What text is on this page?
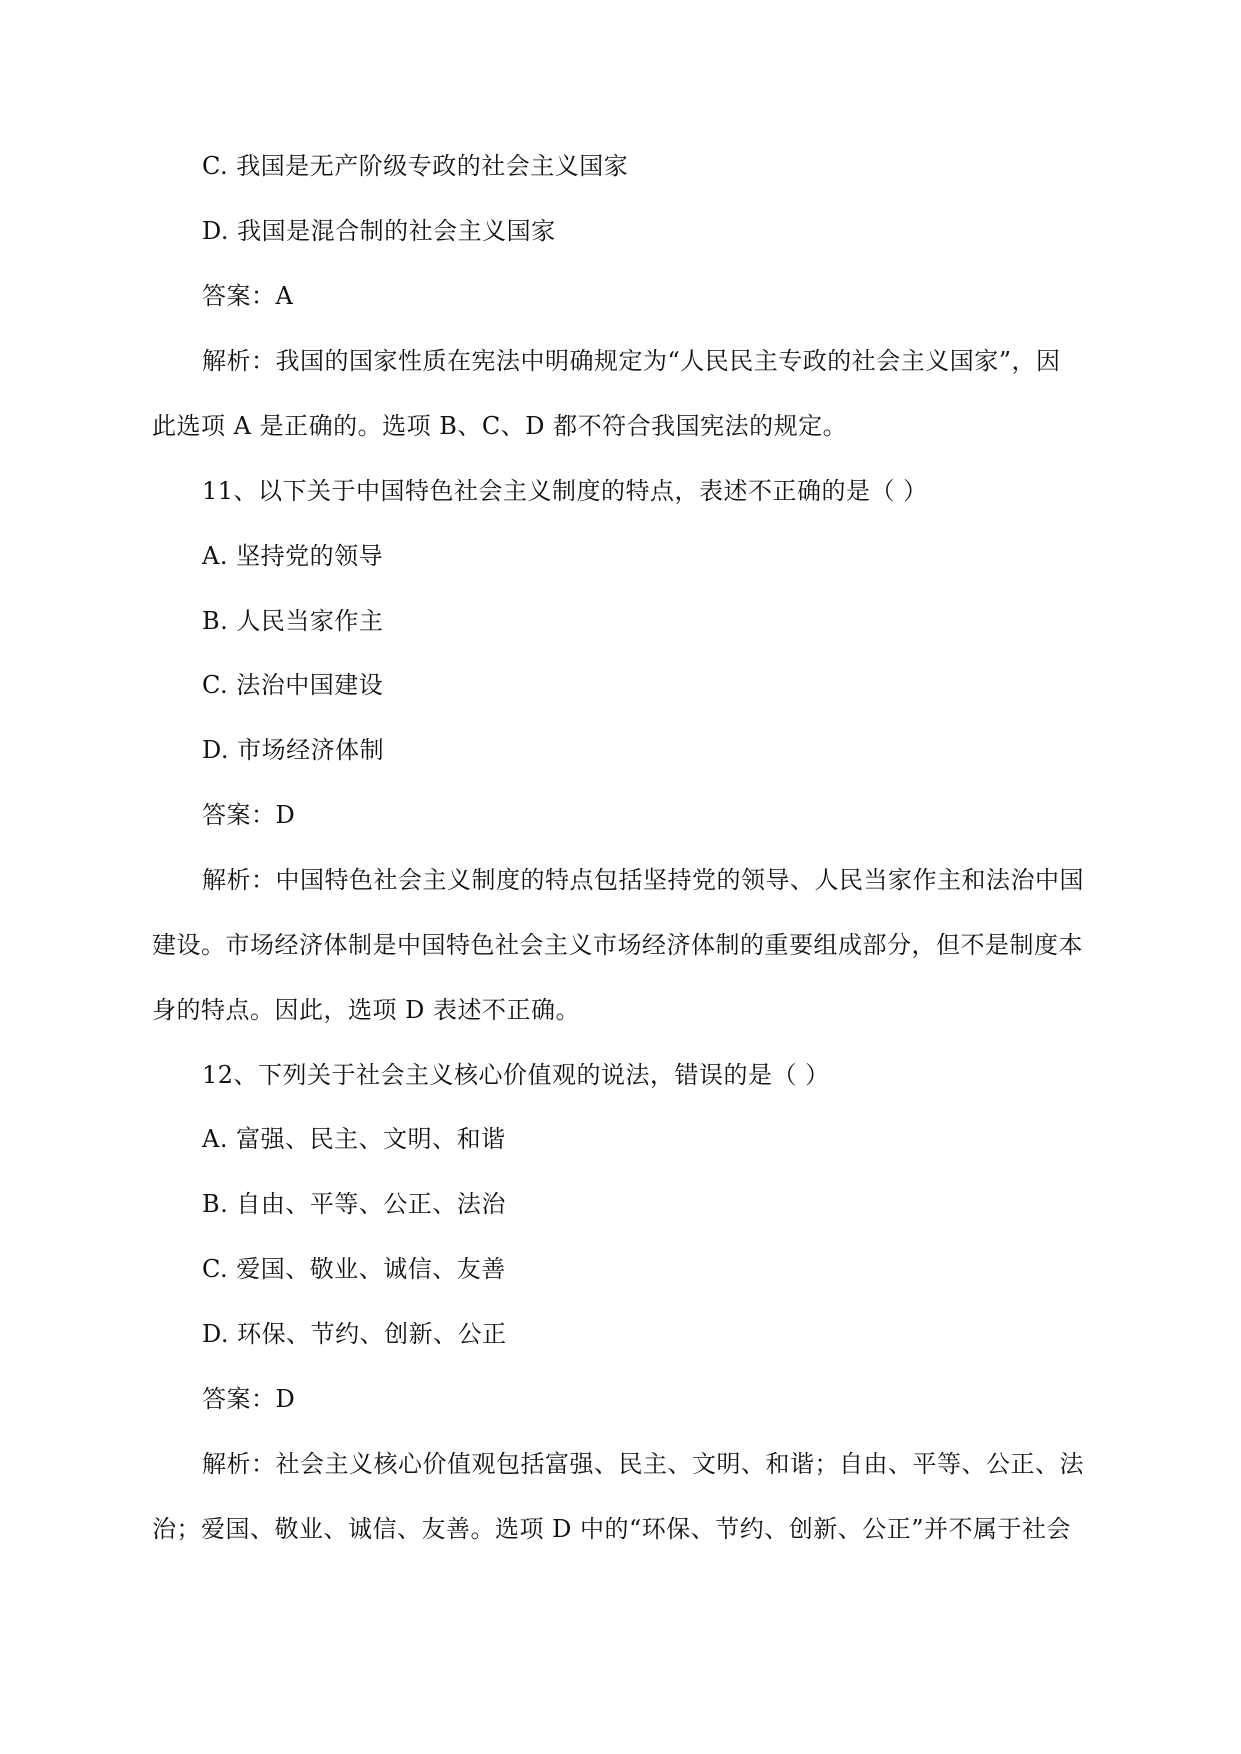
C. 我国是无产阶级专政的社会主义国家
D. 我国是混合制的社会主义国家
答案：A
解析：我国的国家性质在宪法中明确规定为“人民民主专政的社会主义国家”，因
此选项 A 是正确的。选项 B、C、D 都不符合我国宪法的规定。
11、以下关于中国特色社会主义制度的特点，表述不正确的是（ ）
A. 坚持党的领导
B. 人民当家作主
C. 法治中国建设
D. 市场经济体制
答案：D
解析：中国特色社会主义制度的特点包括坚持党的领导、人民当家作主和法治中国
建设。市场经济体制是中国特色社会主义市场经济体制的重要组成部分，但不是制度本
身的特点。因此，选项 D 表述不正确。
12、下列关于社会主义核心价值观的说法，错误的是（ ）
A. 富强、民主、文明、和谐
B. 自由、平等、公正、法治
C. 爱国、敬业、诚信、友善
D. 环保、节约、创新、公正
答案：D
解析：社会主义核心价值观包括富强、民主、文明、和谐；自由、平等、公正、法
治；爱国、敬业、诚信、友善。选项 D 中的“环保、节约、创新、公正”并不属于社会
